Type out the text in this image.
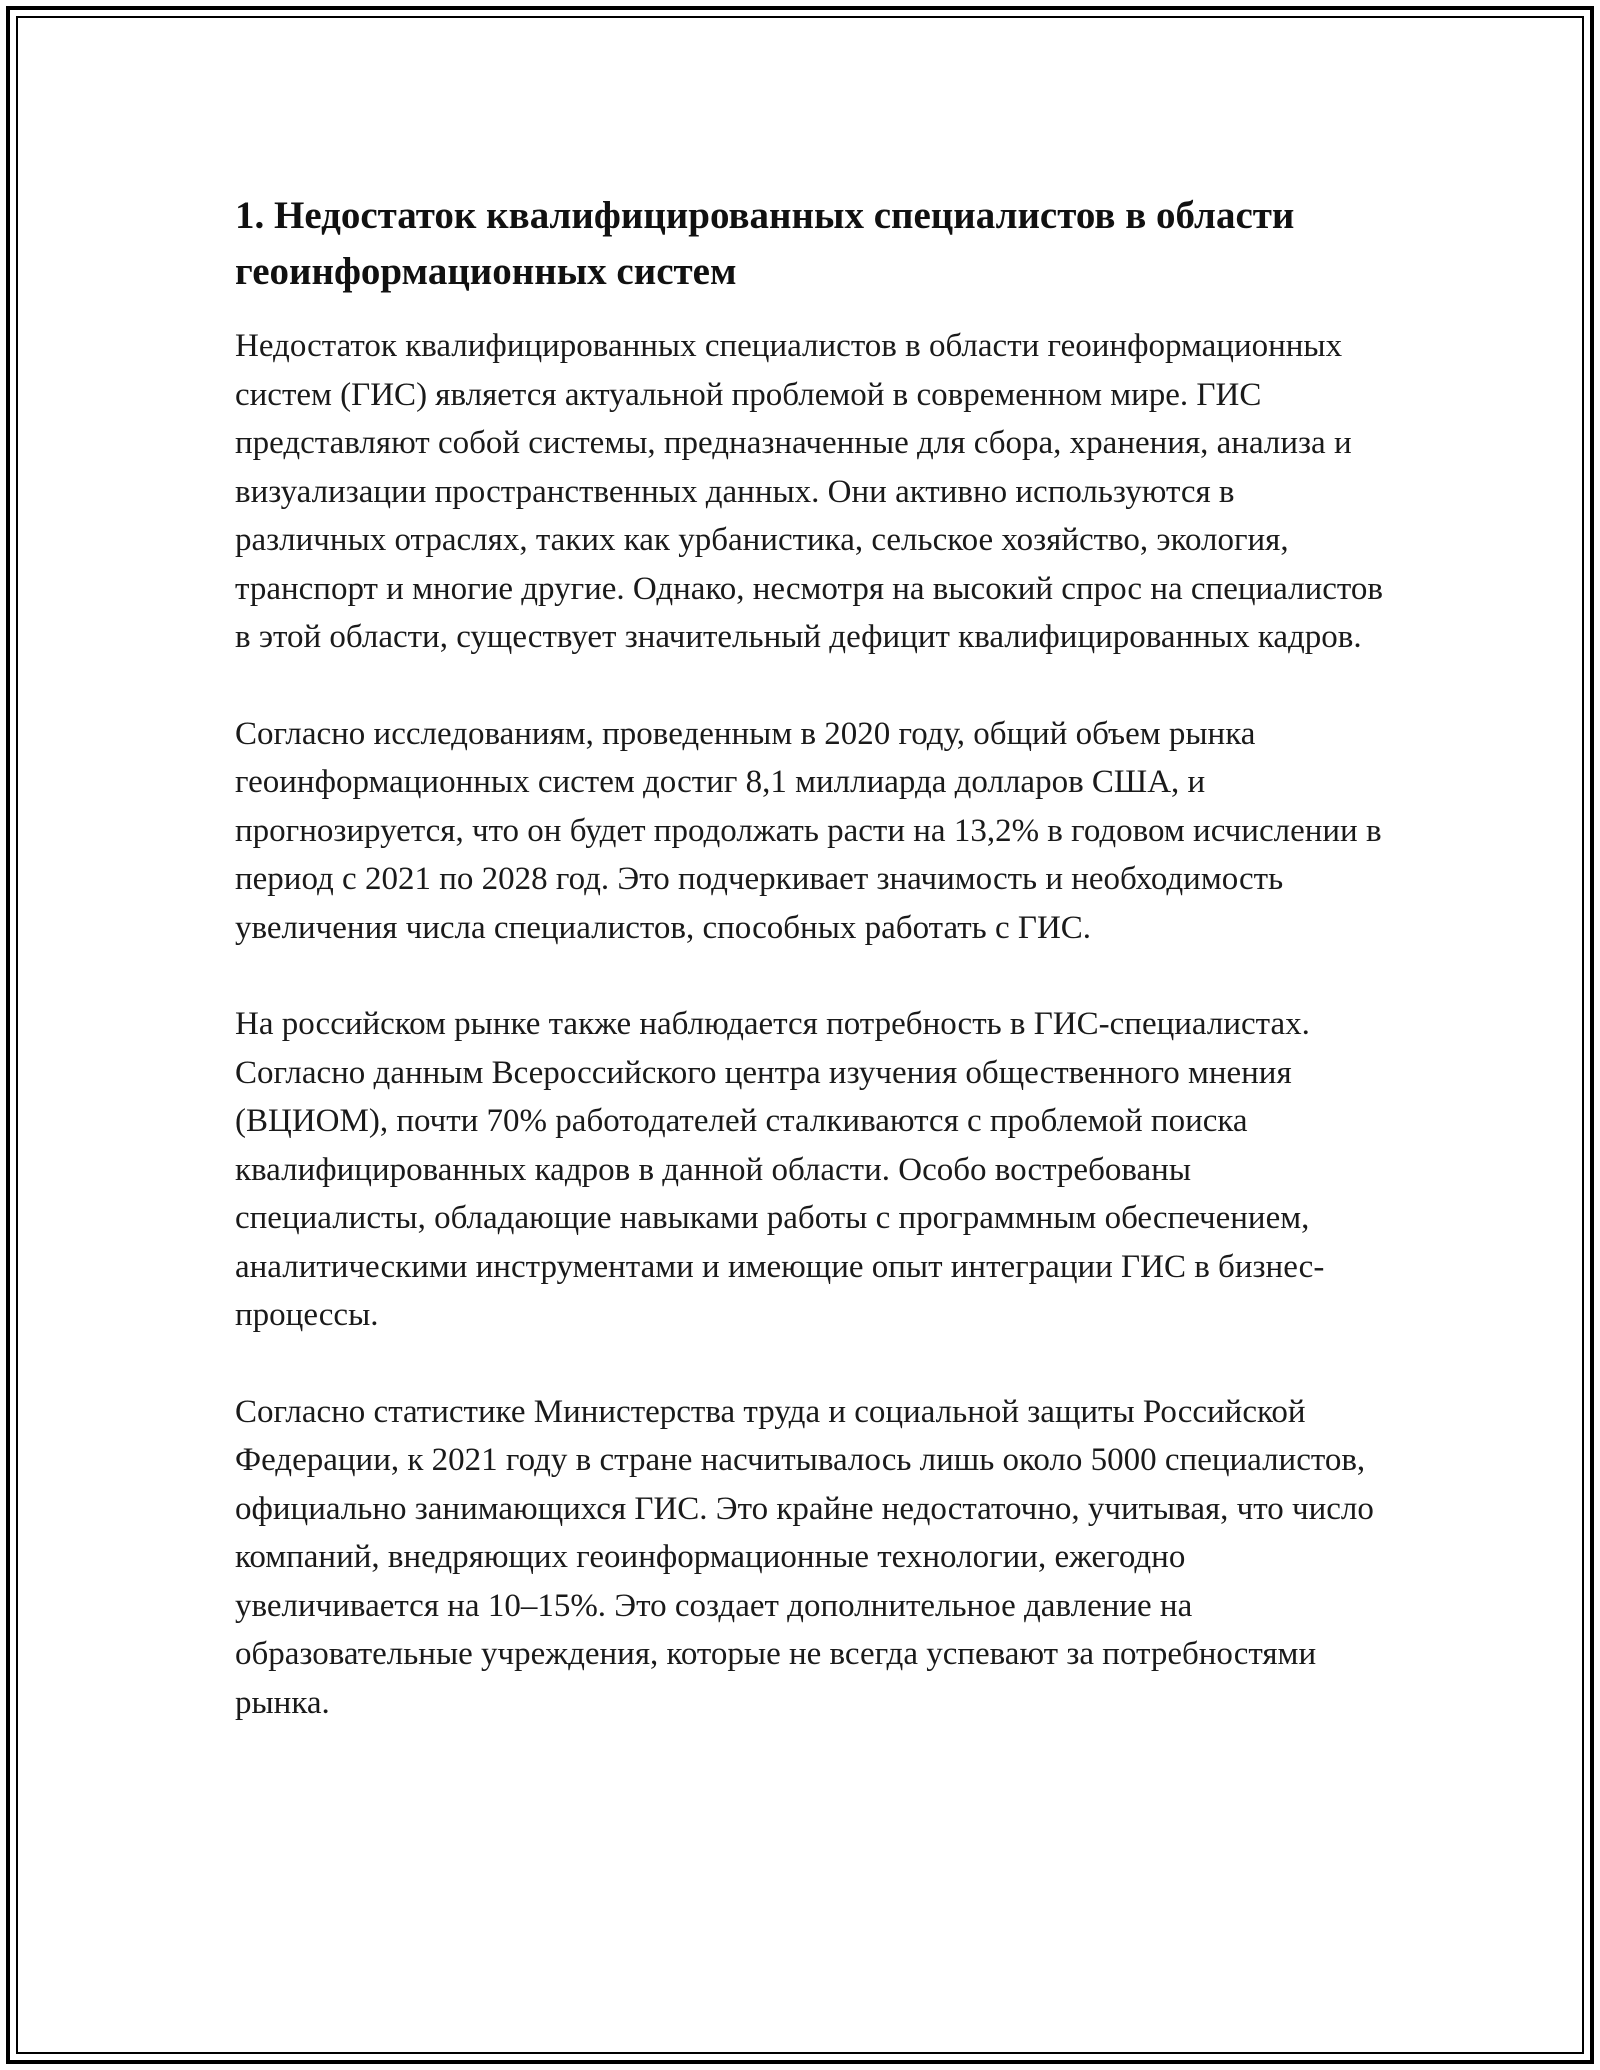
1. Недостаток квалифицированных специалистов в области геоинформационных систем

Недостаток квалифицированных специалистов в области геоинформационных систем (ГИС) является актуальной проблемой в современном мире. ГИС представляют собой системы, предназначенные для сбора, хранения, анализа и визуализации пространственных данных. Они активно используются в различных отраслях, таких как урбанистика, сельское хозяйство, экология, транспорт и многие другие. Однако, несмотря на высокий спрос на специалистов в этой области, существует значительный дефицит квалифицированных кадров.

Согласно исследованиям, проведенным в 2020 году, общий объем рынка геоинформационных систем достиг 8,1 миллиарда долларов США, и прогнозируется, что он будет продолжать расти на 13,2% в годовом исчислении в период с 2021 по 2028 год. Это подчеркивает значимость и необходимость увеличения числа специалистов, способных работать с ГИС.

На российском рынке также наблюдается потребность в ГИС-специалистах. Согласно данным Всероссийского центра изучения общественного мнения (ВЦИОМ), почти 70% работодателей сталкиваются с проблемой поиска квалифицированных кадров в данной области. Особо востребованы специалисты, обладающие навыками работы с программным обеспечением, аналитическими инструментами и имеющие опыт интеграции ГИС в бизнес-процессы.

Согласно статистике Министерства труда и социальной защиты Российской Федерации, к 2021 году в стране насчитывалось лишь около 5000 специалистов, официально занимающихся ГИС. Это крайне недостаточно, учитывая, что число компаний, внедряющих геоинформационные технологии, ежегодно увеличивается на 10–15%. Это создает дополнительное давление на образовательные учреждения, которые не всегда успевают за потребностями рынка.
